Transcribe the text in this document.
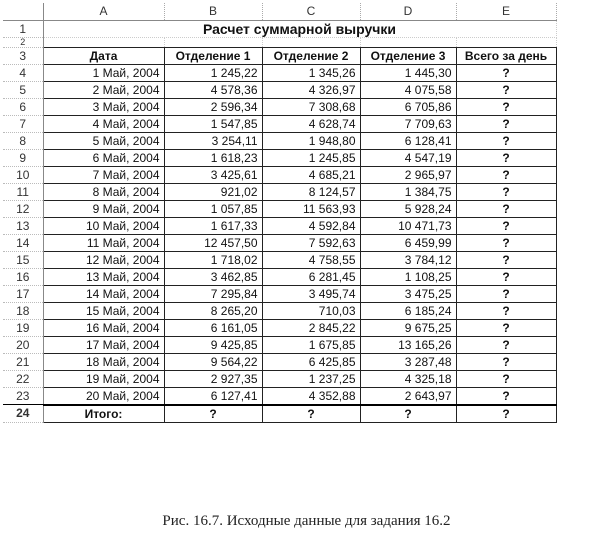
	A	B	C	D	E
1	Расчет суммарной выручки				
2					
3	Дата	Отделение 1	Отделение 2	Отделение 3	Всего за день
4	1 Май, 2004	1 245,22	1 345,26	1 445,30	?
5	2 Май, 2004	4 578,36	4 326,97	4 075,58	?
6	3 Май, 2004	2 596,34	7 308,68	6 705,86	?
7	4 Май, 2004	1 547,85	4 628,74	7 709,63	?
8	5 Май, 2004	3 254,11	1 948,80	6 128,41	?
9	6 Май, 2004	1 618,23	1 245,85	4 547,19	?
10	7 Май, 2004	3 425,61	4 685,21	2 965,97	?
11	8 Май, 2004	921,02	8 124,57	1 384,75	?
12	9 Май, 2004	1 057,85	11 563,93	5 928,24	?
13	10 Май, 2004	1 617,33	4 592,84	10 471,73	?
14	11 Май, 2004	12 457,50	7 592,63	6 459,99	?
15	12 Май, 2004	1 718,02	4 758,55	3 784,12	?
16	13 Май, 2004	3 462,85	6 281,45	1 108,25	?
17	14 Май, 2004	7 295,84	3 495,74	3 475,25	?
18	15 Май, 2004	8 265,20	710,03	6 185,24	?
19	16 Май, 2004	6 161,05	2 845,22	9 675,25	?
20	17 Май, 2004	9 425,85	1 675,85	13 165,26	?
21	18 Май, 2004	9 564,22	6 425,85	3 287,48	?
22	19 Май, 2004	2 927,35	1 237,25	4 325,18	?
23	20 Май, 2004	6 127,41	4 352,88	2 643,97	?
24	Итого:	?	?	?	?
Рис. 16.7. Исходные данные для задания 16.2
